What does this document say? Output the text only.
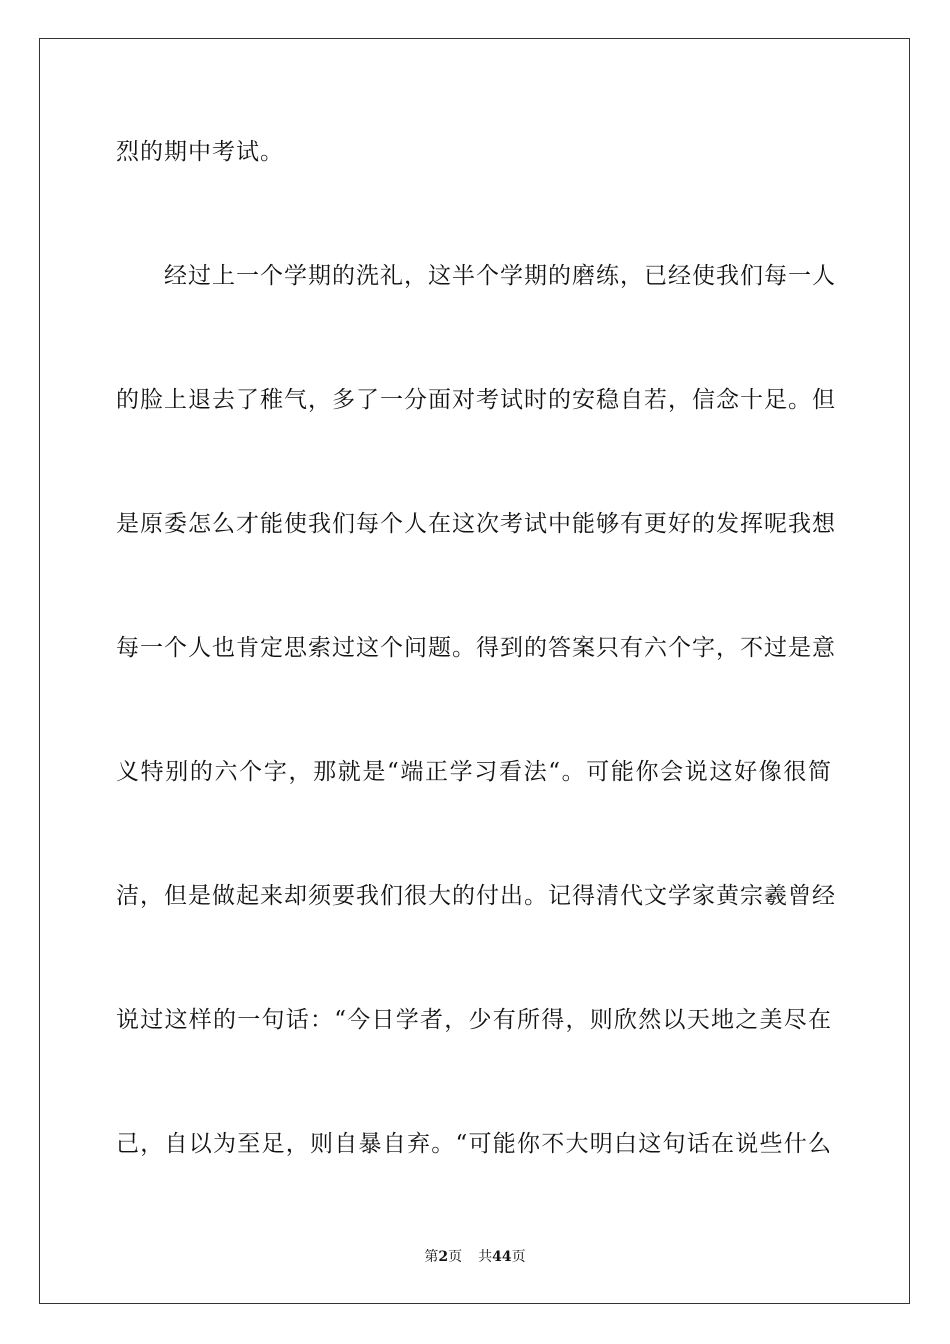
烈的期中考试。
经过上一个学期的洗礼，这半个学期的磨练，已经使我们每一人
的脸上退去了稚气，多了一分面对考试时的安稳自若，信念十足。但
是原委怎么才能使我们每个人在这次考试中能够有更好的发挥呢我想
每一个人也肯定思索过这个问题。得到的答案只有六个字，不过是意
义特别的六个字，那就是“端正学习看法“。可能你会说这好像很简
洁，但是做起来却须要我们很大的付出。记得清代文学家黄宗羲曾经
说过这样的一句话：“今日学者，少有所得，则欣然以天地之美尽在
己，自以为至足，则自暴自弃。“可能你不大明白这句话在说些什么
第2页 共44页
